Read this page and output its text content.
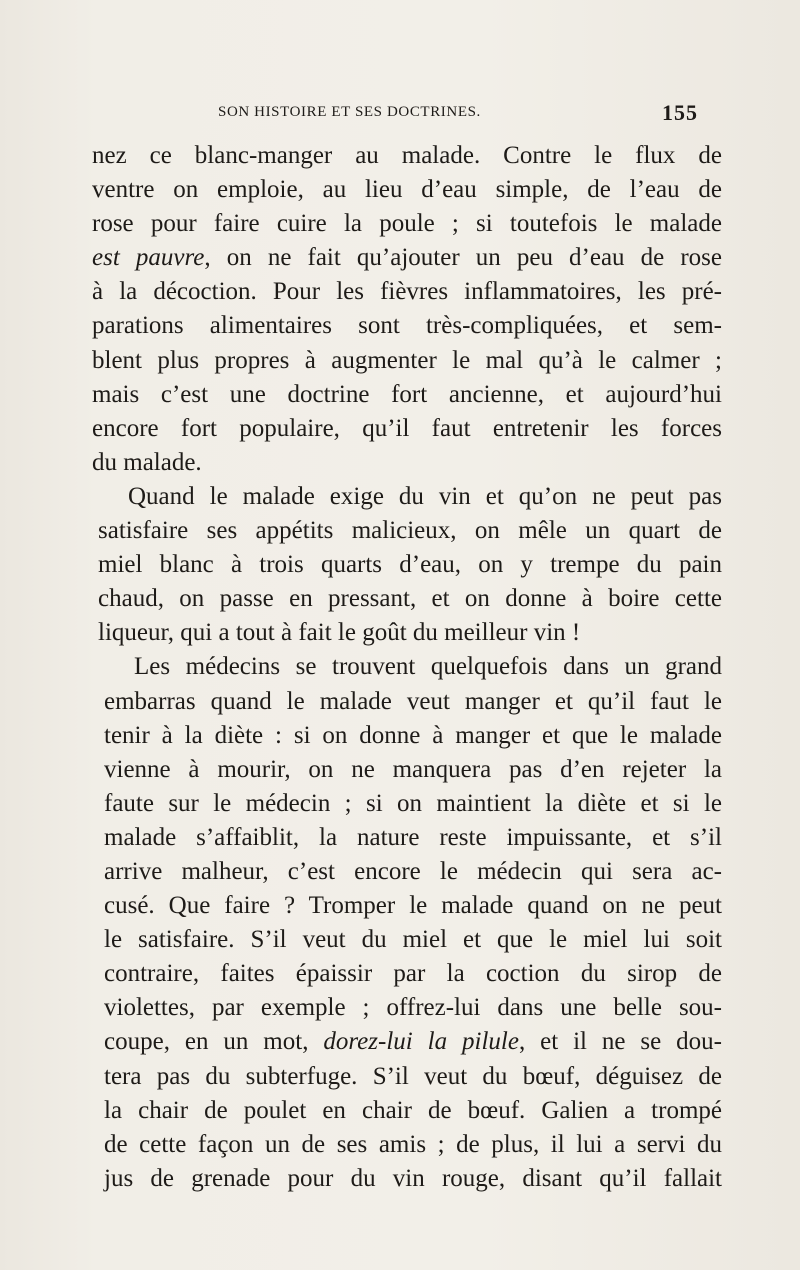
SON HISTOIRE ET SES DOCTRINES.	155
nez ce blanc-manger au malade. Contre le flux de
ventre on emploie, au lieu d’eau simple, de l’eau de
rose pour faire cuire la poule ; si toutefois le malade
est pauvre, on ne fait qu’ajouter un peu d’eau de rose
à la décoction. Pour les fièvres inflammatoires, les pré-
parations alimentaires sont très-compliquées, et sem-
blent plus propres à augmenter le mal qu’à le calmer ;
mais c’est une doctrine fort ancienne, et aujourd’hui
encore fort populaire, qu’il faut entretenir les forces
du malade.
Quand le malade exige du vin et qu’on ne peut pas
satisfaire ses appétits malicieux, on mêle un quart de
miel blanc à trois quarts d’eau, on y trempe du pain
chaud, on passe en pressant, et on donne à boire cette
liqueur, qui a tout à fait le goût du meilleur vin !
Les médecins se trouvent quelquefois dans un grand
embarras quand le malade veut manger et qu’il faut le
tenir à la diète : si on donne à manger et que le malade
vienne à mourir, on ne manquera pas d’en rejeter la
faute sur le médecin ; si on maintient la diète et si le
malade s’affaiblit, la nature reste impuissante, et s’il
arrive malheur, c’est encore le médecin qui sera ac-
cusé. Que faire ? Tromper le malade quand on ne peut
le satisfaire. S’il veut du miel et que le miel lui soit
contraire, faites épaissir par la coction du sirop de
violettes, par exemple ; offrez-lui dans une belle sou-
coupe, en un mot, dorez-lui la pilule, et il ne se dou-
tera pas du subterfuge. S’il veut du bœuf, déguisez de
la chair de poulet en chair de bœuf. Galien a trompé
de cette façon un de ses amis ; de plus, il lui a servi du
jus de grenade pour du vin rouge, disant qu’il fallait
